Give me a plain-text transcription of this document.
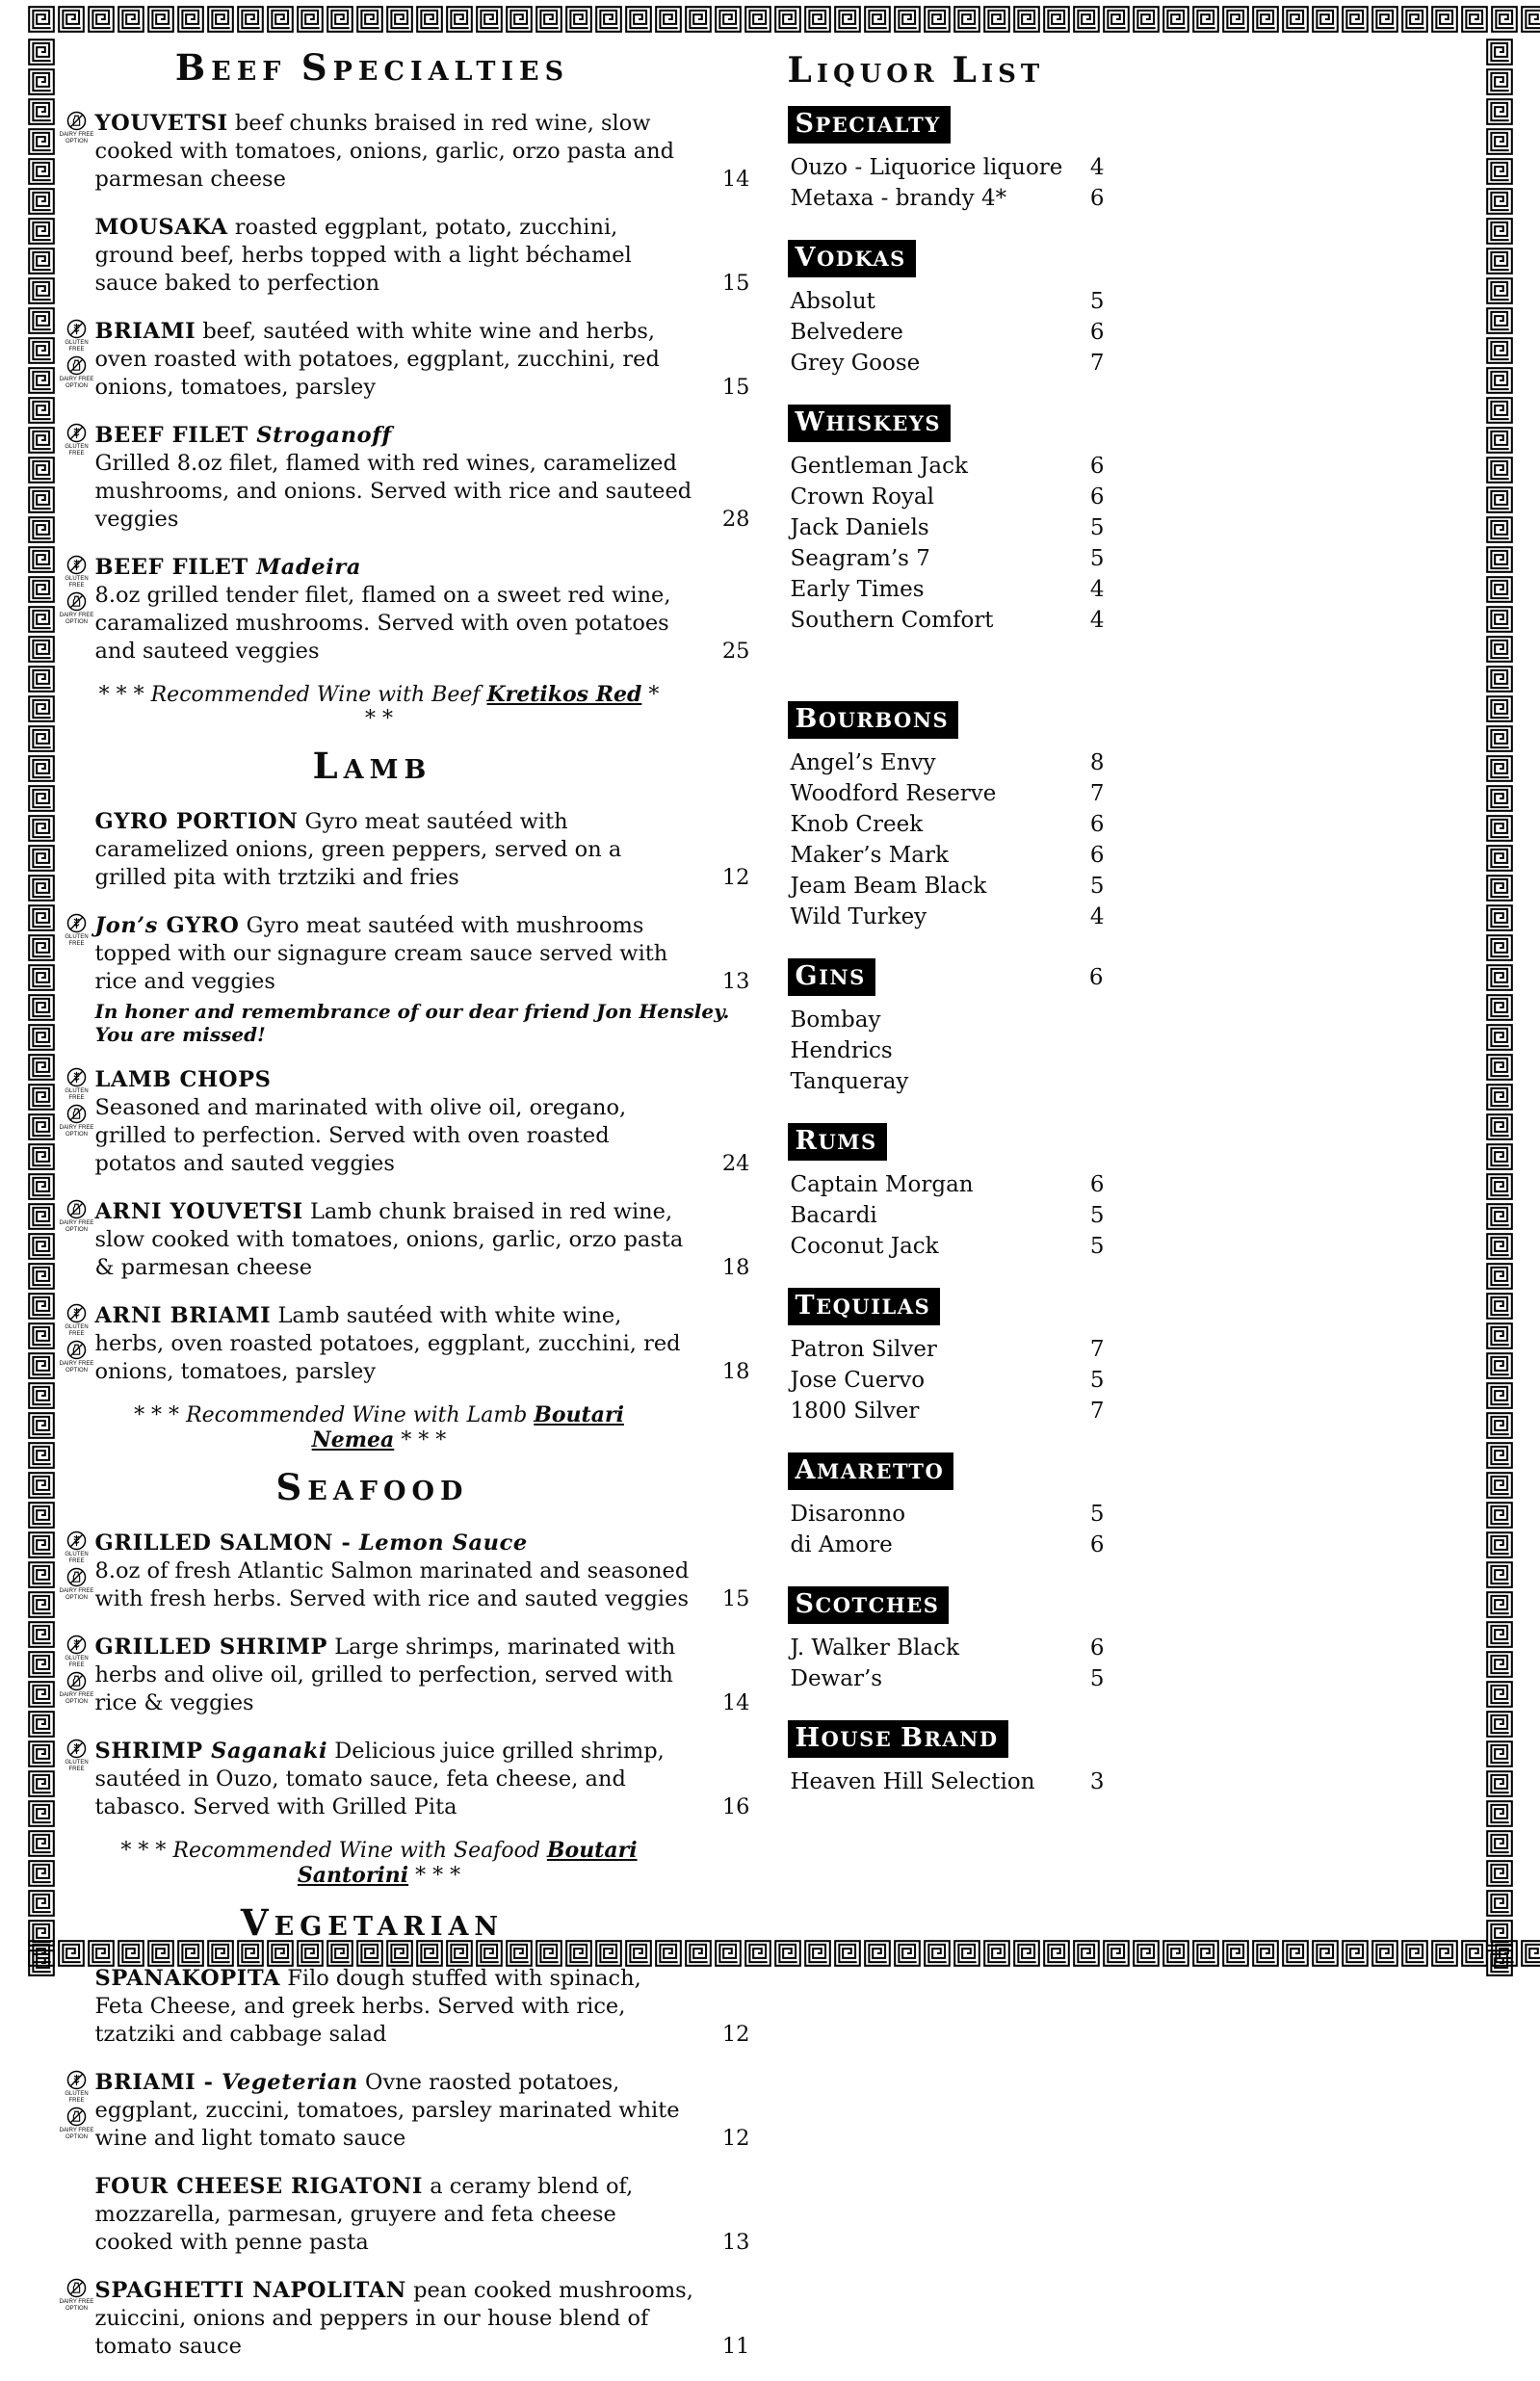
BEEF SPECIALTIES
DAIRY FREE OPTION
YOUVETSI beef chunks braised in red wine, slow cooked with tomatoes, onions, garlic, orzo pasta and parmesan cheese	14
MOUSAKA roasted eggplant, potato, zucchini, ground beef, herbs topped with a light béchamel sauce baked to perfection	15
GLUTEN FREE
DAIRY FREE OPTION
BRIAMI beef, sautéed with white wine and herbs, oven roasted with potatoes, eggplant, zucchini, red onions, tomatoes, parsley	15
GLUTEN FREE
BEEF FILET Stroganoff
Grilled 8.oz filet, flamed with red wines, caramelized mushrooms, and onions. Served with rice and sauteed veggies	28
GLUTEN FREE
DAIRY FREE OPTION
BEEF FILET Madeira
8.oz grilled tender filet, flamed on a sweet red wine, caramalized mushrooms. Served with oven potatoes and sauteed veggies	25
* * * Recommended Wine with Beef Kretikos Red * * *
LAMB
GYRO PORTION Gyro meat sautéed with caramelized onions, green peppers, served on a grilled pita with trztziki and fries	12
GLUTEN FREE
Jon’s GYRO Gyro meat sautéed with mushrooms topped with our signagure cream sauce served with rice and veggies	13
In honer and remembrance of our dear friend Jon Hensley. You are missed!
GLUTEN FREE
DAIRY FREE OPTION
LAMB CHOPS
Seasoned and marinated with olive oil, oregano, grilled to perfection. Served with oven roasted potatos and sauted veggies	24
DAIRY FREE OPTION
ARNI YOUVETSI Lamb chunk braised in red wine, slow cooked with tomatoes, onions, garlic, orzo pasta & parmesan cheese	18
GLUTEN FREE
DAIRY FREE OPTION
ARNI BRIAMI Lamb sautéed with white wine, herbs, oven roasted potatoes, eggplant, zucchini, red onions, tomatoes, parsley	18
* * * Recommended Wine with Lamb Boutari Nemea * * *
SEAFOOD
GLUTEN FREE
DAIRY FREE OPTION
GRILLED SALMON - Lemon Sauce
8.oz of fresh Atlantic Salmon marinated and seasoned with fresh herbs. Served with rice and sauted veggies 15
GLUTEN FREE
DAIRY FREE OPTION
GRILLED SHRIMP Large shrimps, marinated with herbs and olive oil, grilled to perfection, served with rice & veggies	14
GLUTEN FREE
SHRIMP Saganaki Delicious juice grilled shrimp, sautéed in Ouzo, tomato sauce, feta cheese, and tabasco. Served with Grilled Pita	16
* * * Recommended Wine with Seafood Boutari Santorini * * *
VEGETARIAN
SPANAKOPITA Filo dough stuffed with spinach, Feta Cheese, and greek herbs. Served with rice, tzatziki and cabbage salad	12
GLUTEN FREE
DAIRY FREE OPTION
BRIAMI - Vegeterian Ovne raosted potatoes, eggplant, zuccini, tomatoes, parsley marinated white wine and light tomato sauce	12
FOUR CHEESE RIGATONI a ceramy blend of, mozzarella, parmesan, gruyere and feta cheese cooked with penne pasta	13
DAIRY FREE OPTION
SPAGHETTI NAPOLITAN pean cooked mushrooms, zuiccini, onions and peppers in our house blend of tomato sauce	11
LIQUOR LIST
SPECIALTY
Ouzo - Liquorice liquore 4
Metaxa - brandy 4*	6
VODKAS
Absolut	5
Belvedere	6
Grey Goose	7
WHISKEYS
Gentleman Jack	6
Crown Royal	6
Jack Daniels	5
Seagram’s 7	5
Early Times	4
Southern Comfort	4
BOURBONS
Angel’s Envy	8
Woodford Reserve	7
Knob Creek	6
Maker’s Mark	6
Jeam Beam Black	5
Wild Turkey	4
GINS	6
Bombay
Hendrics
Tanqueray
RUMS
Captain Morgan	6
Bacardi	5
Coconut Jack	5
TEQUILAS
Patron Silver	7
Jose Cuervo	5
1800 Silver	7
AMARETTO
Disaronno	5
di Amore	6
SCOTCHES
J. Walker Black	6
Dewar’s	5
HOUSE BRAND
Heaven Hill Selection 3
